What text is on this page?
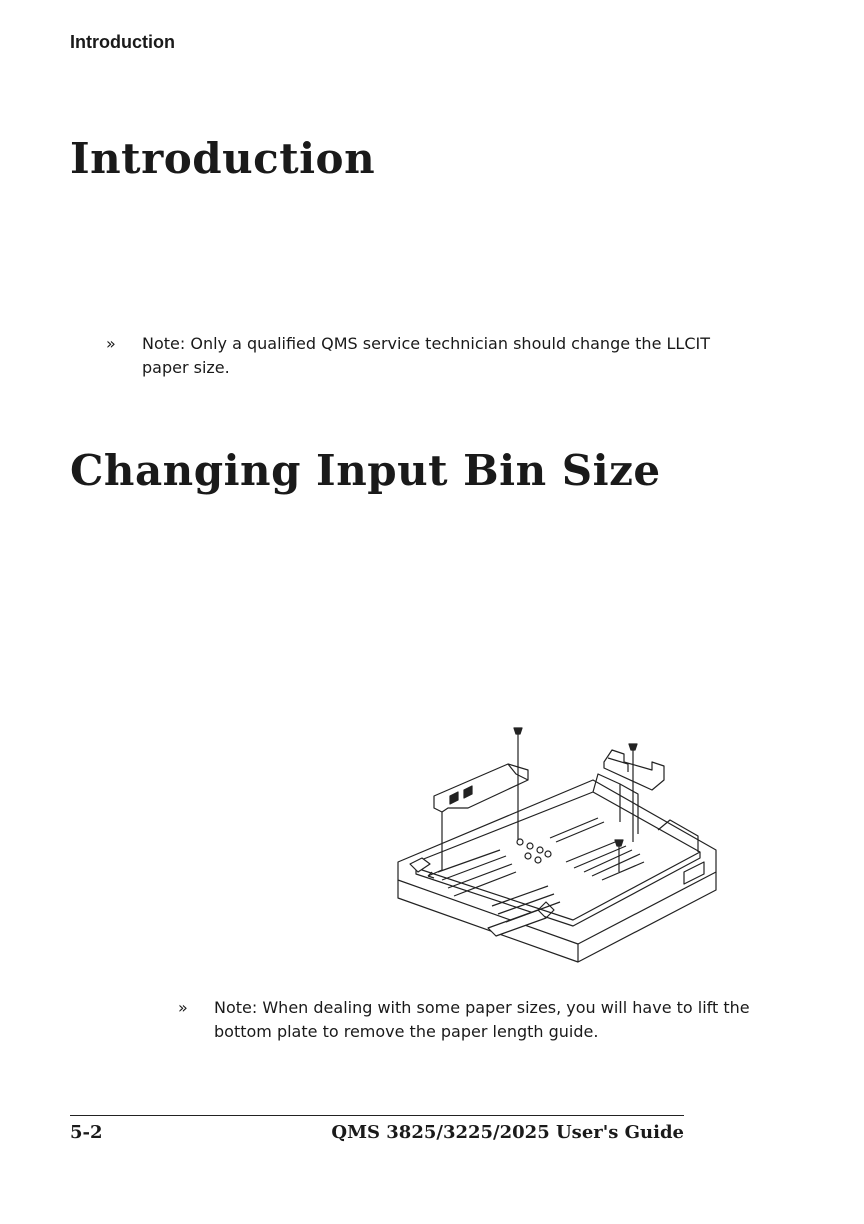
Introduction
Introduction
» Note: Only a qualified QMS service technician should change the LLCIT paper size.
Changing Input Bin Size
» Note: When dealing with some paper sizes, you will have to lift the bottom plate to remove the paper length guide.
5-2	QMS 3825/3225/2025 User's Guide
